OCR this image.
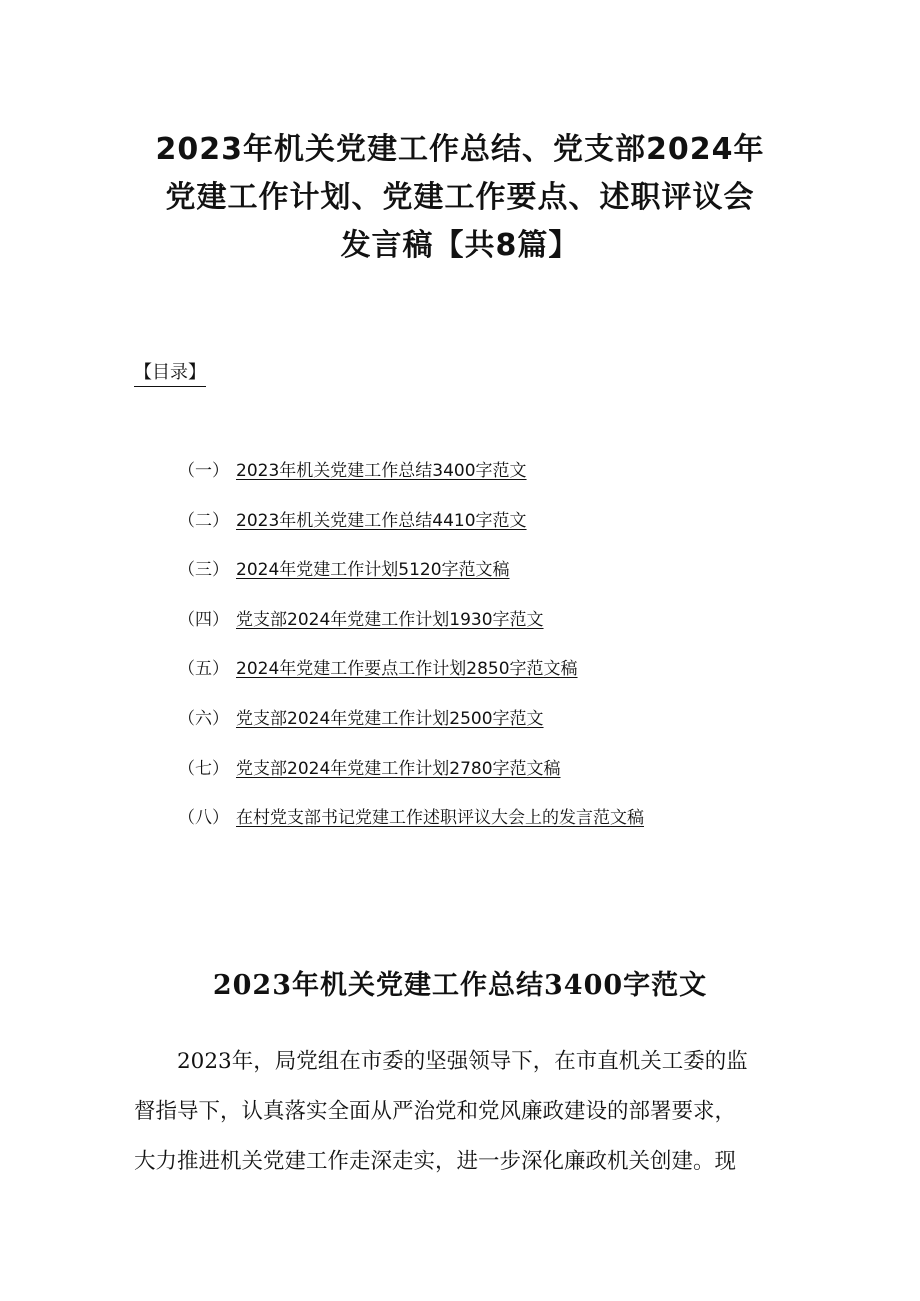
2023年机关党建工作总结、党支部2024年
党建工作计划、党建工作要点、述职评议会
发言稿【共8篇】
【目录】
（一） 2023年机关党建工作总结3400字范文
（二） 2023年机关党建工作总结4410字范文
（三） 2024年党建工作计划5120字范文稿
（四） 党支部2024年党建工作计划1930字范文
（五） 2024年党建工作要点工作计划2850字范文稿
（六） 党支部2024年党建工作计划2500字范文
（七） 党支部2024年党建工作计划2780字范文稿
（八） 在村党支部书记党建工作述职评议大会上的发言范文稿
2023年机关党建工作总结3400字范文

2023年，局党组在市委的坚强领导下，在市直机关工委的监
督指导下，认真落实全面从严治党和党风廉政建设的部署要求，
大力推进机关党建工作走深走实，进一步深化廉政机关创建。现
